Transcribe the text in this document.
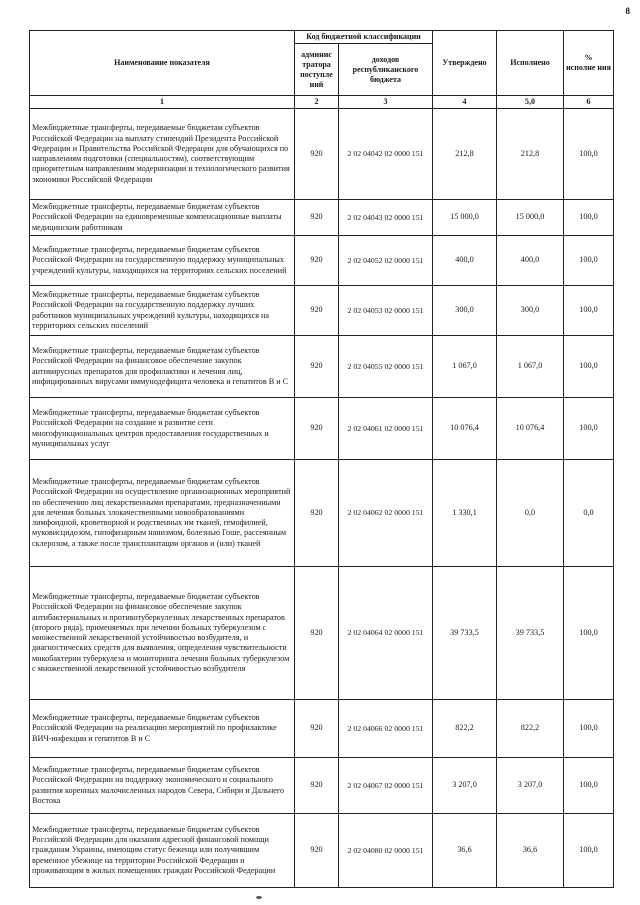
8
Наименование показателя	Код бюджетной классификации		Утверждено	Исполнено	%
исполне ния

	админис тратора поступле ний	доходов республиканского бюджета			
1	2	3	4	5,0	6
Межбюджетные трансферты, передаваемые бюджетам субъектов Российской Федерации на выплату стипендий Президента Российской Федерации и Правительства Российской Федерации для обучающихся по направлениям подготовки (специальностям), соответствующим приоритетным направлениям модернизации и технологического развития экономики Российской Федерации	920	2 02 04042 02 0000 151	212,8	212,8	100,0
Межбюджетные трансферты, передаваемые бюджетам субъектов Российской Федерации на единовременные компенсационные выплаты медицинским работникам	920	2 02 04043 02 0000 151	15 000,0	15 000,0	100,0
Межбюджетные трансферты, передаваемые бюджетам субъектов Российской Федерации на государственную поддержку муниципальных учреждений культуры, находящихся на территориях сельских поселений	920	2 02 04052 02 0000 151	400,0	400,0	100,0
Межбюджетные трансферты, передаваемые бюджетам субъектов Российской Федерации на государственную поддержку лучших работников муниципальных учреждений культуры, находящихся на территориях сельских поселений	920	2 02 04053 02 0000 151	300,0	300,0	100,0
Межбюджетные трансферты, передаваемые бюджетам субъектов Российской Федерации на финансовое обеспечение закупок антивирусных препаратов для профилактики и лечения лиц, инфицированных вирусами иммунодефицита человека и гепатитов В и С	920	2 02 04055 02 0000 151	1 067,0	1 067,0	100,0
Межбюджетные трансферты, передаваемые бюджетам субъектов Российской Федерации на создание и развитие сети многофункциональных центров предоставления государственных и муниципальных услуг	920	2 02 04061 02 0000 151	10 076,4	10 076,4	100,0
Межбюджетные трансферты, передаваемые бюджетам субъектов Российской Федерации на осуществление организационных мероприятий по обеспечению лиц лекарственными препаратами, предназначенными для лечения больных злокачественными новообразованиями лимфоидной, кроветворной и родственных им тканей, гемофилией, муковисцидозом, гипофизарным нанизмом, болезнью Гоше, рассеянным склерозом, а также после трансплантации органов и (или) тканей	920	2 02 04062 02 0000 151	1 330,1	0,0	0,0
Межбюджетные трансферты, передаваемые бюджетам субъектов Российской Федерации на финансовое обеспечение закупок антибактериальных и противотуберкулезных лекарственных препаратов (второго ряда), применяемых при лечении больных туберкулезом с множественной лекарственной устойчивостью возбудителя, и диагностических средств для выявления, определения чувствительности микобактерии туберкулеза и мониторинга лечения больных туберкулезом с множественной лекарственной устойчивостью возбудителя	920	2 02 04064 02 0000 151	39 733,5	39 733,5	100,0
Межбюджетные трансферты, передаваемые бюджетам субъектов Российской Федерации на реализацию мероприятий по профилактике ВИЧ-инфекции и гепатитов В и С	920	2 02 04066 02 0000 151	822,2	822,2	100,0
Межбюджетные трансферты, передаваемые бюджетам субъектов Российской Федерации на поддержку экономического и социального развития коренных малочисленных народов Севера, Сибири и Дальнего Востока	920	2 02 04067 02 0000 151	3 207,0	3 207,0	100,0
Межбюджетные трансферты, передаваемые бюджетам субъектов Российской Федерации для оказания адресной финансовой помощи гражданам Украины, имеющим статус беженца или получившим временное убежище на территории Российской Федерации и проживающим в жилых помещениях граждан Российской Федерации	920	2 02 04080 02 0000 151	36,6	36,6	100,0
